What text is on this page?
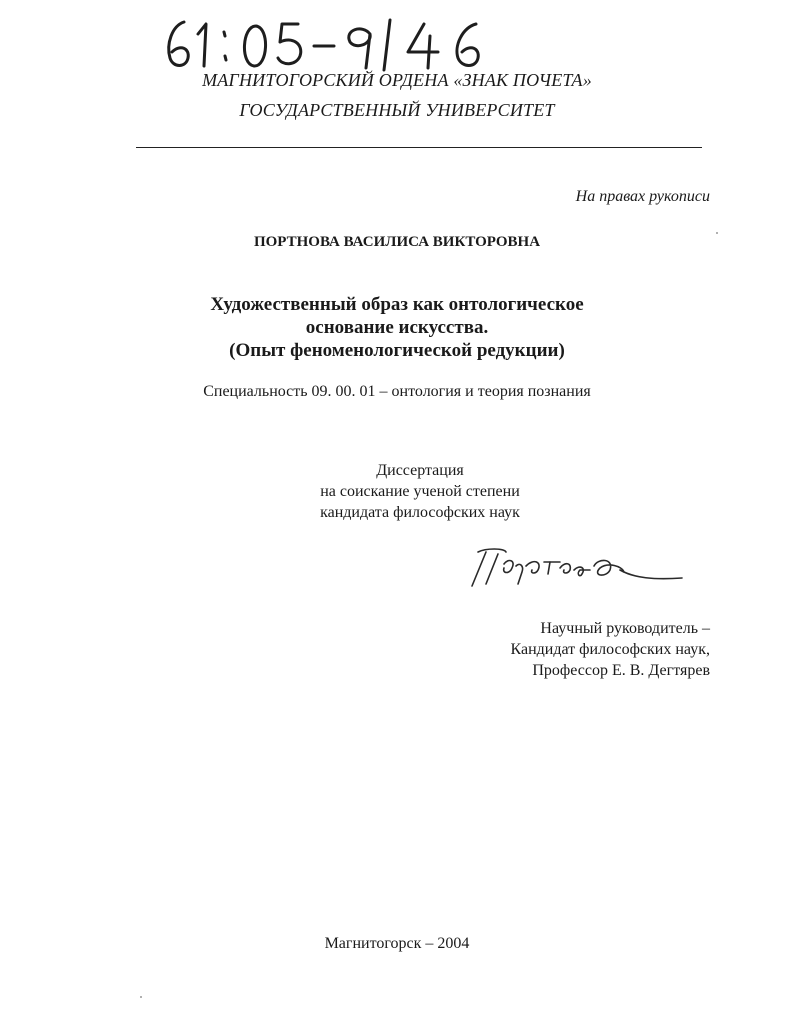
МАГНИТОГОРСКИЙ ОРДЕНА «ЗНАК ПОЧЕТА»
ГОСУДАРСТВЕННЫЙ УНИВЕРСИТЕТ
На правах рукописи
ПОРТНОВА ВАСИЛИСА ВИКТОРОВНА
Художественный образ как онтологическое
основание искусства.
(Опыт феноменологической редукции)
Специальность 09. 00. 01 – онтология и теория познания
Диссертация
на соискание ученой степени
кандидата философских наук
Научный руководитель –
Кандидат философских наук,
Профессор Е. В. Дегтярев
Магнитогорск – 2004
